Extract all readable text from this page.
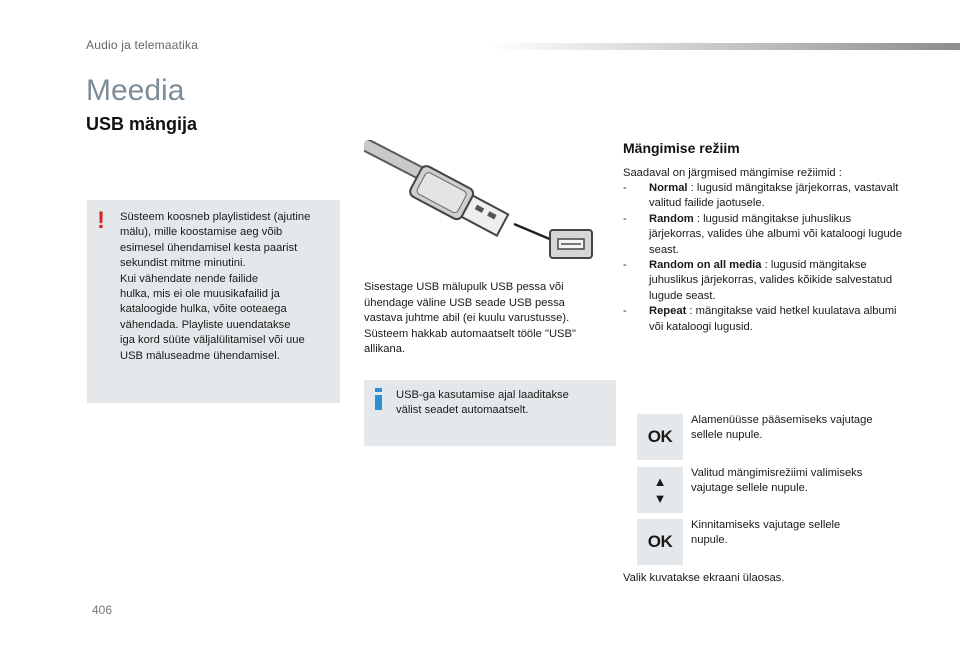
Audio ja telemaatika
Meedia
USB mängija
!	Süsteem koosneb playlistidest (ajutine
mälu), mille koostamise aeg võib
esimesel ühendamisel kesta paarist
sekundist mitme minutini.
Kui vähendate nende failide
hulka, mis ei ole muusikafailid ja
kataloogide hulka, võite ooteaega
vähendada. Playliste uuendatakse
iga kord süüte väljalülitamisel või uue
USB mäluseadme ühendamisel.
Sisestage USB mälupulk USB pessa või
ühendage väline USB seade USB pessa
vastava juhtme abil (ei kuulu varustusse).
Süsteem hakkab automaatselt tööle "USB"
allikana.
USB-ga kasutamise ajal laaditakse
välist seadet automaatselt.
Mängimise režiim
Saadaval on järgmised mängimise režiimid :
- Normal : lugusid mängitakse järjekorras, vastavalt valitud failide jaotusele.
- Random : lugusid mängitakse juhuslikus järjekorras, valides ühe albumi või kataloogi lugude seast.
- Random on all media : lugusid mängitakse juhuslikus järjekorras, valides kõikide salvestatud lugude seast.
- Repeat : mängitakse vaid hetkel kuulatava albumi või kataloogi lugusid.
OK
Alamenüüsse pääsemiseks vajutage
sellele nupule.
▲
▼
Valitud mängimisrežiimi valimiseks
vajutage sellele nupule.
OK
Kinnitamiseks vajutage sellele
nupule.
Valik kuvatakse ekraani ülaosas.
406
